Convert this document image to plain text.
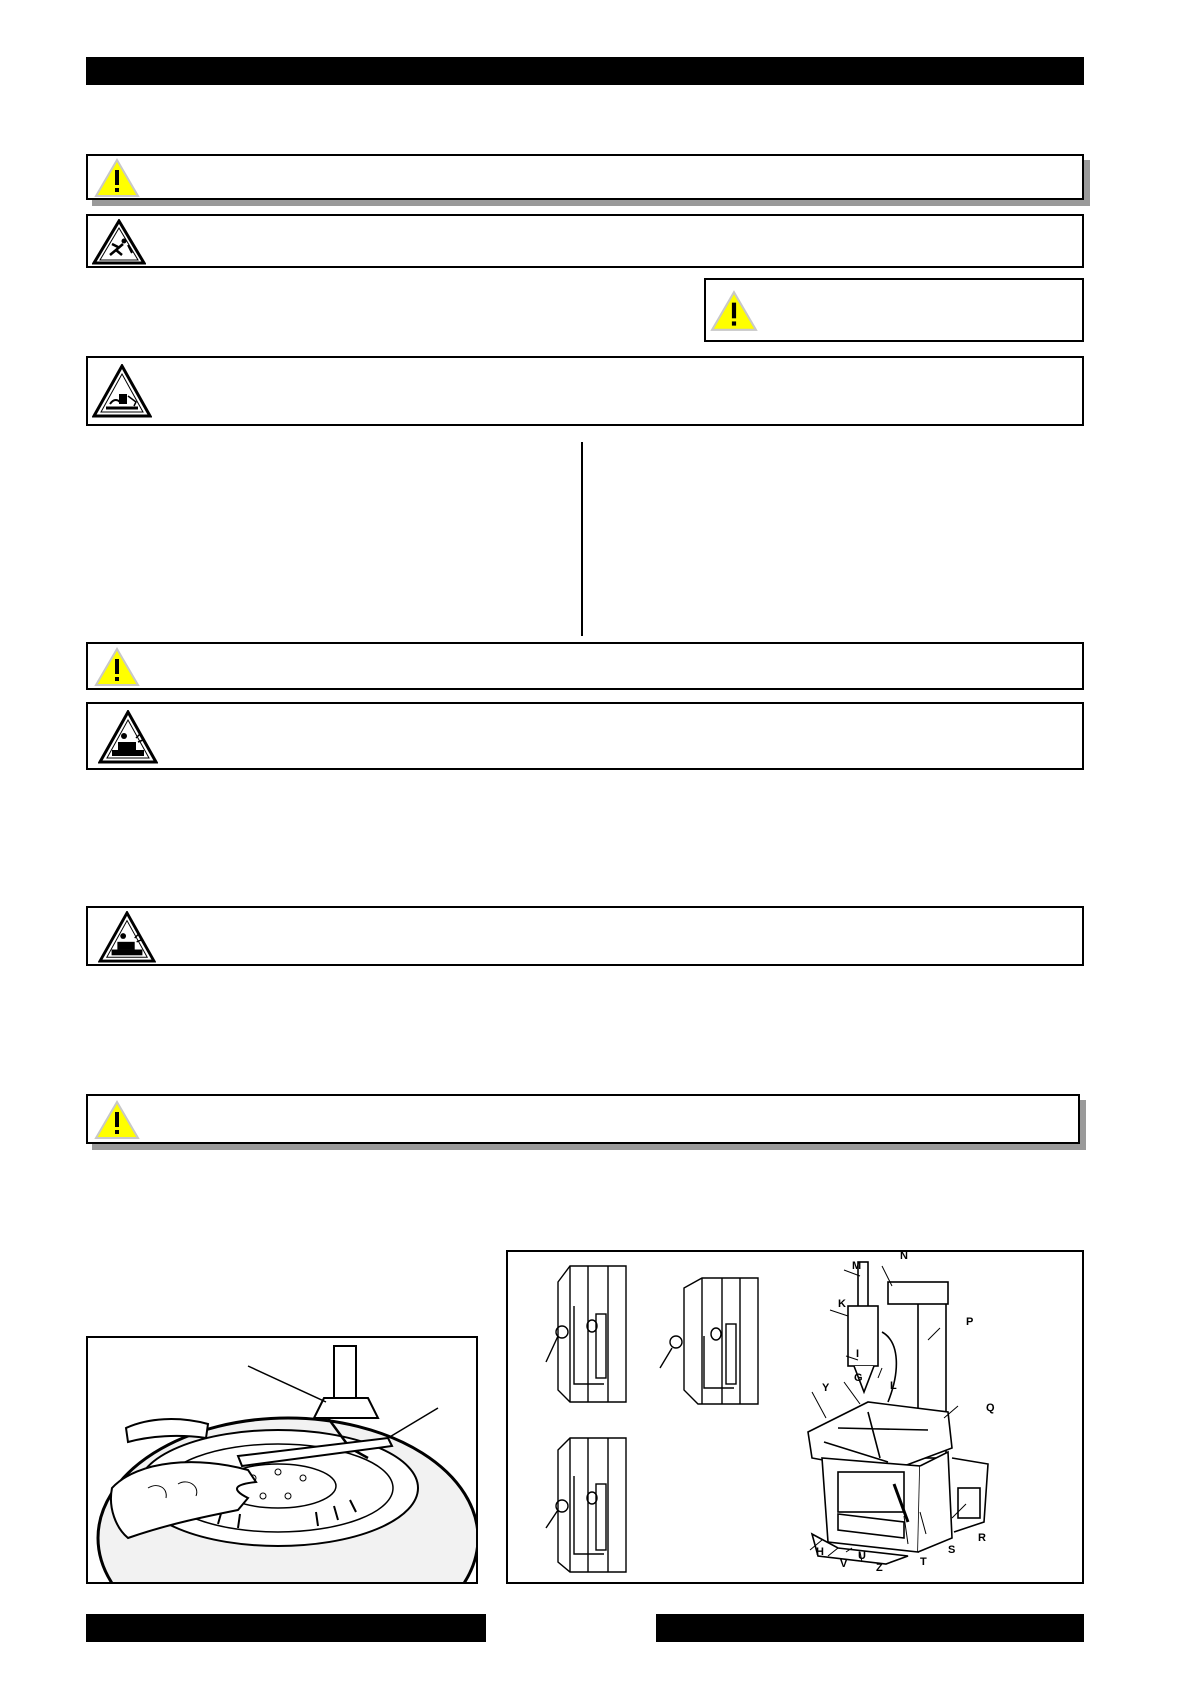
M
N
K
P
I
L
G
Y
Q
R
S
T
H
V
U
Z
